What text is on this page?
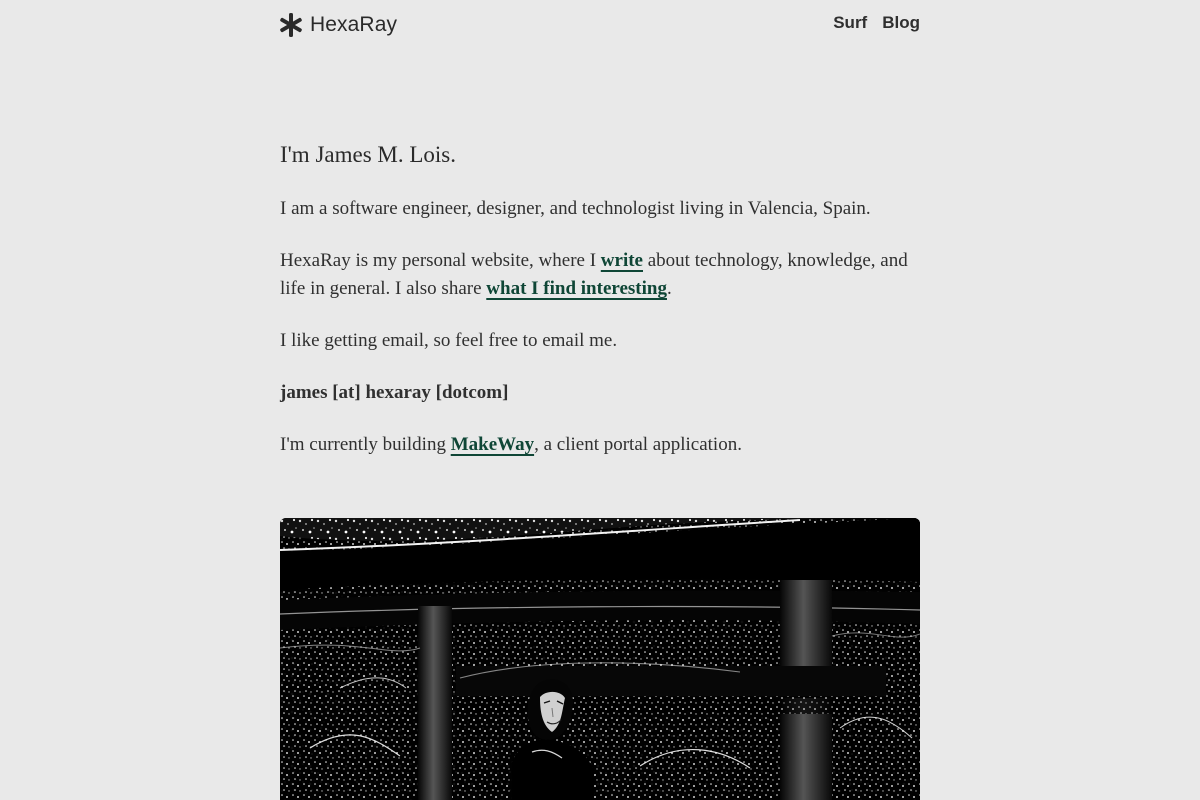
HexaRay	Surf Blog
I'm James M. Lois.

I am a software engineer, designer, and technologist living in Valencia, Spain.

HexaRay is my personal website, where I write about technology, knowledge, and life in general. I also share what I find interesting.

I like getting email, so feel free to email me.

james [at] hexaray [dotcom]

I'm currently building MakeWay, a client portal application.
